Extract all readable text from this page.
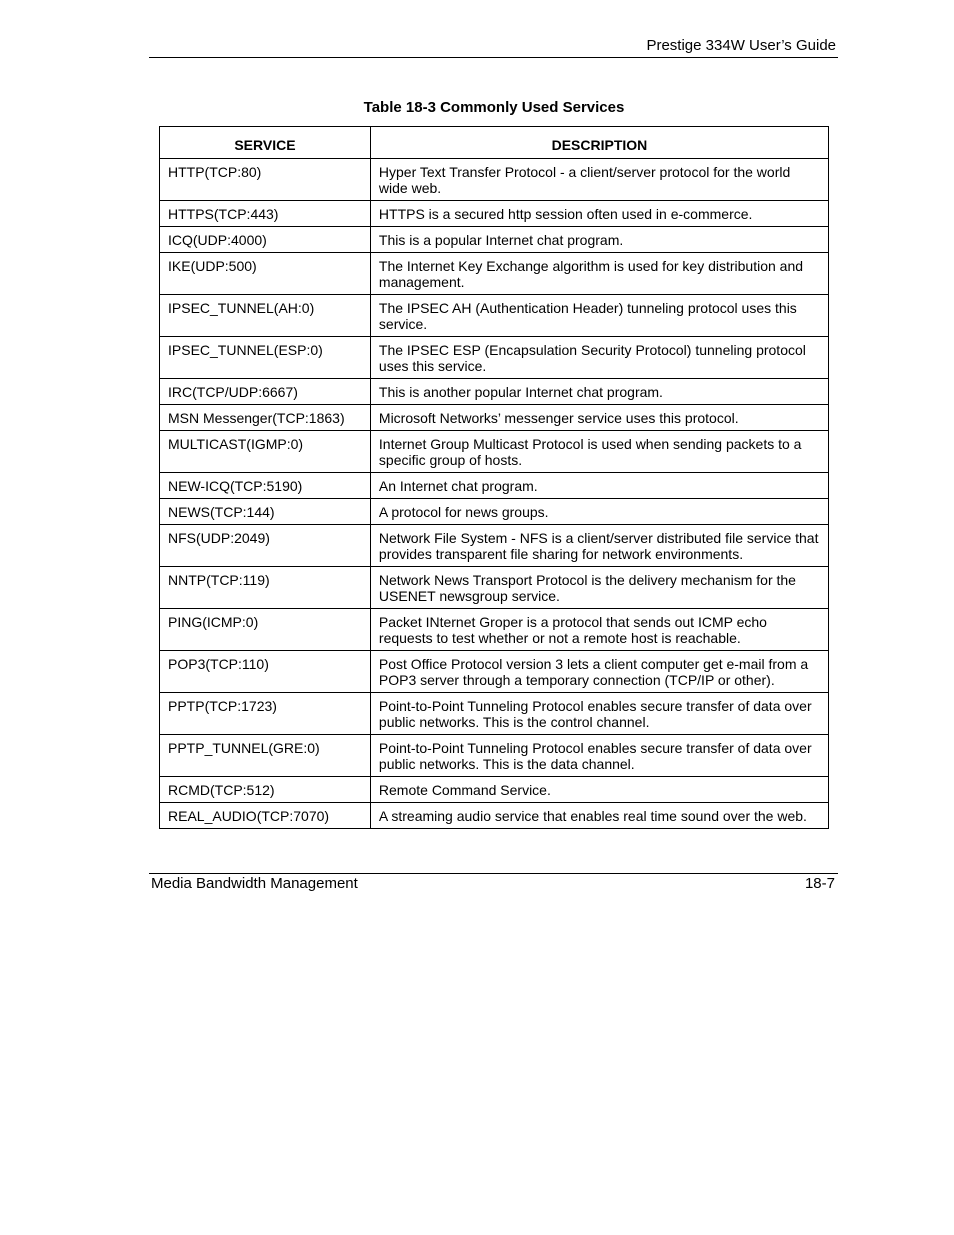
Prestige 334W User’s Guide
Table 18-3 Commonly Used Services
SERVICE	DESCRIPTION
HTTP(TCP:80)	Hyper Text Transfer Protocol - a client/server protocol for the world wide web.
HTTPS(TCP:443)	HTTPS is a secured http session often used in e-commerce.
ICQ(UDP:4000)	This is a popular Internet chat program.
IKE(UDP:500)	The Internet Key Exchange algorithm is used for key distribution and management.
IPSEC_TUNNEL(AH:0)	The IPSEC AH (Authentication Header) tunneling protocol uses this service.
IPSEC_TUNNEL(ESP:0)	The IPSEC ESP (Encapsulation Security Protocol) tunneling protocol uses this service.
IRC(TCP/UDP:6667)	This is another popular Internet chat program.
MSN Messenger(TCP:1863)	Microsoft Networks’ messenger service uses this protocol.
MULTICAST(IGMP:0)	Internet Group Multicast Protocol is used when sending packets to a specific group of hosts.
NEW-ICQ(TCP:5190)	An Internet chat program.
NEWS(TCP:144)	A protocol for news groups.
NFS(UDP:2049)	Network File System - NFS is a client/server distributed file service that provides transparent file sharing for network environments.
NNTP(TCP:119)	Network News Transport Protocol is the delivery mechanism for the USENET newsgroup service.
PING(ICMP:0)	Packet INternet Groper is a protocol that sends out ICMP echo requests to test whether or not a remote host is reachable.
POP3(TCP:110)	Post Office Protocol version 3 lets a client computer get e-mail from a POP3 server through a temporary connection (TCP/IP or other).
PPTP(TCP:1723)	Point-to-Point Tunneling Protocol enables secure transfer of data over public networks. This is the control channel.
PPTP_TUNNEL(GRE:0)	Point-to-Point Tunneling Protocol enables secure transfer of data over public networks. This is the data channel.
RCMD(TCP:512)	Remote Command Service.
REAL_AUDIO(TCP:7070)	A streaming audio service that enables real time sound over the web.
Media Bandwidth Management	18-7
